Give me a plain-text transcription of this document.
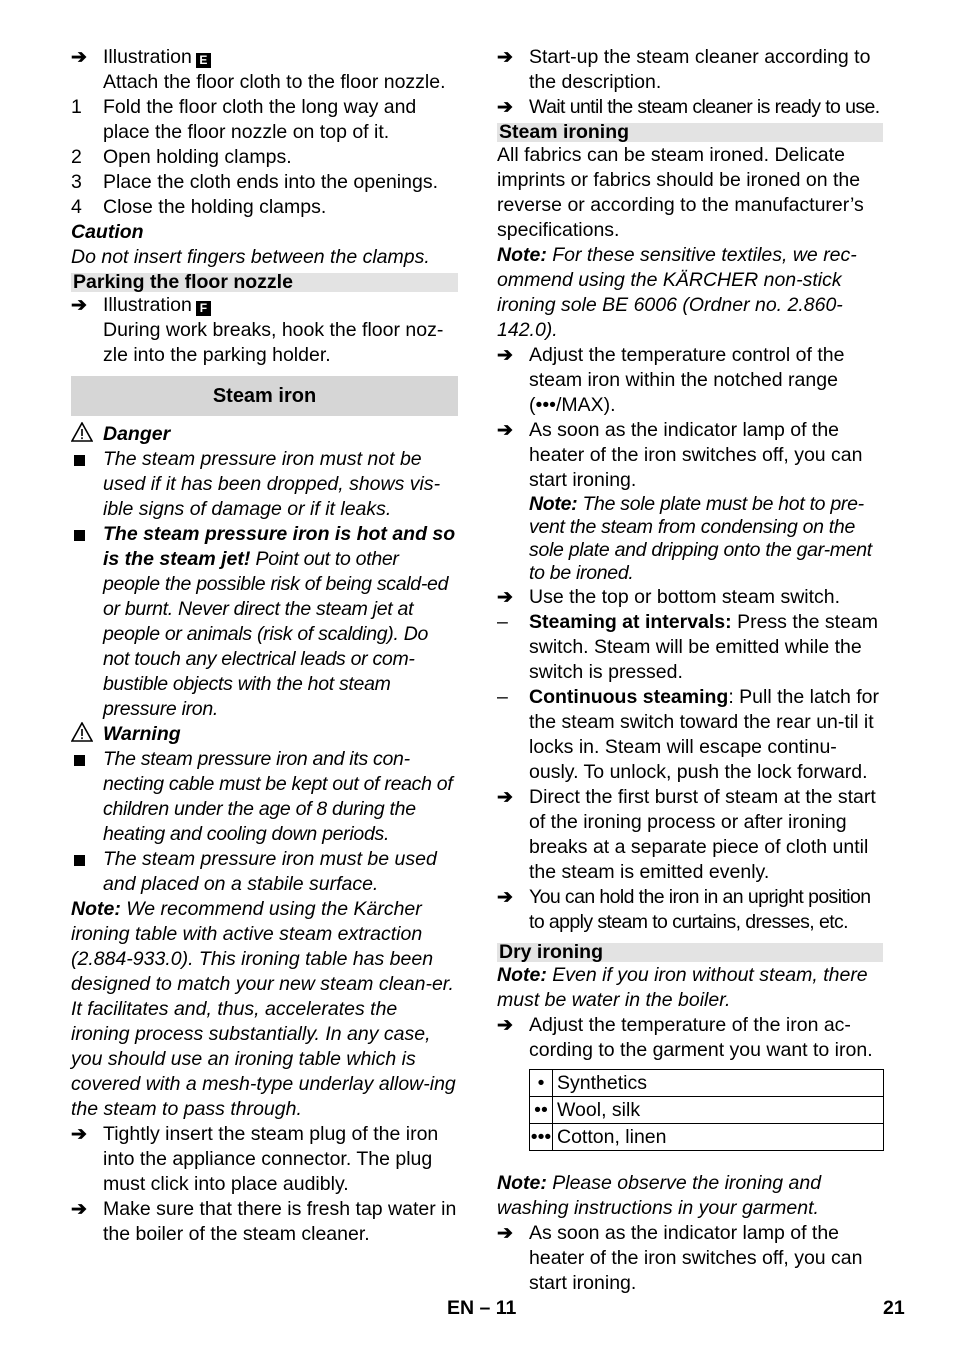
➔ Illustration E
Attach the floor cloth to the floor nozzle.
1	Fold the floor cloth the long way and place the floor nozzle on top of it.
2	Open holding clamps.
3	Place the cloth ends into the openings.
4	Close the holding clamps.
Caution
Do not insert fingers between the clamps.
Parking the floor nozzle
➔ Illustration F
During work breaks, hook the floor noz-zle into the parking holder.
Steam iron
Danger
The steam pressure iron must not be used if it has been dropped, shows vis-ible signs of damage or if it leaks.
The steam pressure iron is hot and so is the steam jet! Point out to other people the possible risk of being scald-ed or burnt. Never direct the steam jet at people or animals (risk of scalding). Do not touch any electrical leads or com-bustible objects with the hot steam pressure iron.
Warning
The steam pressure iron and its con-necting cable must be kept out of reach of children under the age of 8 during the heating and cooling down periods.
The steam pressure iron must be used and placed on a stabile surface.
Note: We recommend using the Kärcher ironing table with active steam extraction (2.884-933.0). This ironing table has been designed to match your new steam clean-er. It facilitates and, thus, accelerates the ironing process substantially. In any case, you should use an ironing table which is covered with a mesh-type underlay allow-ing the steam to pass through.
➔ Tightly insert the steam plug of the iron into the appliance connector. The plug must click into place audibly.
➔ Make sure that there is fresh tap water in the boiler of the steam cleaner.
➔ Start-up the steam cleaner according to the description.
➔ Wait until the steam cleaner is ready to use.
Steam ironing
All fabrics can be steam ironed. Delicate imprints or fabrics should be ironed on the reverse or according to the manufacturer’s specifications.
Note: For these sensitive textiles, we rec-ommend using the KÄRCHER non-stick ironing sole BE 6006 (Ordner no. 2.860-142.0).
➔ Adjust the temperature control of the steam iron within the notched range (•••/MAX).
➔ As soon as the indicator lamp of the heater of the iron switches off, you can start ironing.
Note: The sole plate must be hot to pre-vent the steam from condensing on the sole plate and dripping onto the gar-ment to be ironed.
➔ Use the top or bottom steam switch.
–	Steaming at intervals: Press the steam switch. Steam will be emitted while the switch is pressed.
–	Continuous steaming: Pull the latch for the steam switch toward the rear un-til it locks in. Steam will escape continu-ously. To unlock, push the lock forward.
➔ Direct the first burst of steam at the start of the ironing process or after ironing breaks at a separate piece of cloth until the steam is emitted evenly.
➔ You can hold the iron in an upright position to apply steam to curtains, dresses, etc.
Dry ironing
Note: Even if you iron without steam, there must be water in the boiler.
➔ Adjust the temperature of the iron ac-cording to the garment you want to iron.
•	Synthetics
••	Wool, silk
•••	Cotton, linen
Note: Please observe the ironing and washing instructions in your garment.
➔ As soon as the indicator lamp of the heater of the iron switches off, you can start ironing.
EN – 11	21
